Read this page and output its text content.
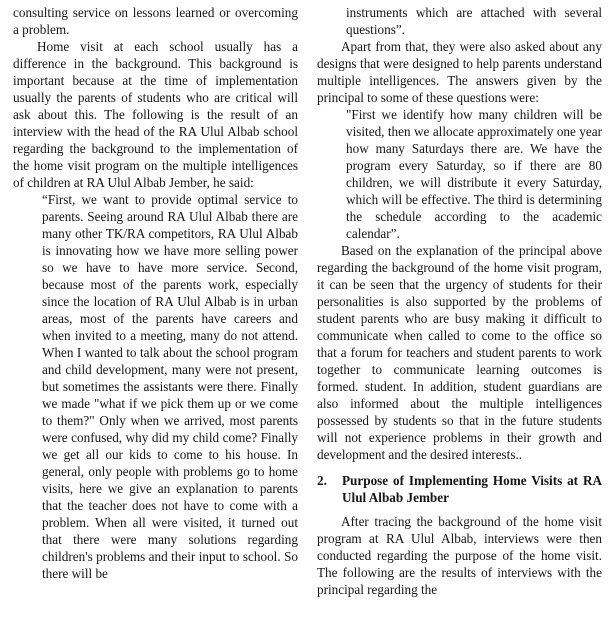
consulting service on lessons learned or overcoming a problem.

Home visit at each school usually has a difference in the background. This background is important because at the time of implementation usually the parents of students who are critical will ask about this. The following is the result of an interview with the head of the RA Ulul Albab school regarding the background to the implementation of the home visit program on the multiple intelligences of children at RA Ulul Albab Jember, he said:

“First, we want to provide optimal service to parents. Seeing around RA Ulul Albab there are many other TK/RA competitors, RA Ulul Albab is innovating how we have more selling power so we have to have more service. Second, because most of the parents work, especially since the location of RA Ulul Albab is in urban areas, most of the parents have careers and when invited to a meeting, many do not attend. When I wanted to talk about the school program and child development, many were not present, but sometimes the assistants were there. Finally we made "what if we pick them up or we come to them?" Only when we arrived, most parents were confused, why did my child come? Finally we get all our kids to come to his house. In general, only people with problems go to home visits, here we give an explanation to parents that the teacher does not have to come with a problem. When all were visited, it turned out that there were many solutions regarding children's problems and their input to school. So there will be
instruments which are attached with several questions”.

Apart from that, they were also asked about any designs that were designed to help parents understand multiple intelligences. The answers given by the principal to some of these questions were:

"First we identify how many children will be visited, then we allocate approximately one year how many Saturdays there are. We have the program every Saturday, so if there are 80 children, we will distribute it every Saturday, which will be effective. The third is determining the schedule according to the academic calendar”.

Based on the explanation of the principal above regarding the background of the home visit program, it can be seen that the urgency of students for their personalities is also supported by the problems of student parents who are busy making it difficult to communicate when called to come to the office so that a forum for teachers and student parents to work together to communicate learning outcomes is formed. student. In addition, student guardians are also informed about the multiple intelligences possessed by students so that in the future students will not experience problems in their growth and development and the desired interests..

2.	Purpose of Implementing Home Visits at RA Ulul Albab Jember

After tracing the background of the home visit program at RA Ulul Albab, interviews were then conducted regarding the purpose of the home visit. The following are the results of interviews with the principal regarding the
